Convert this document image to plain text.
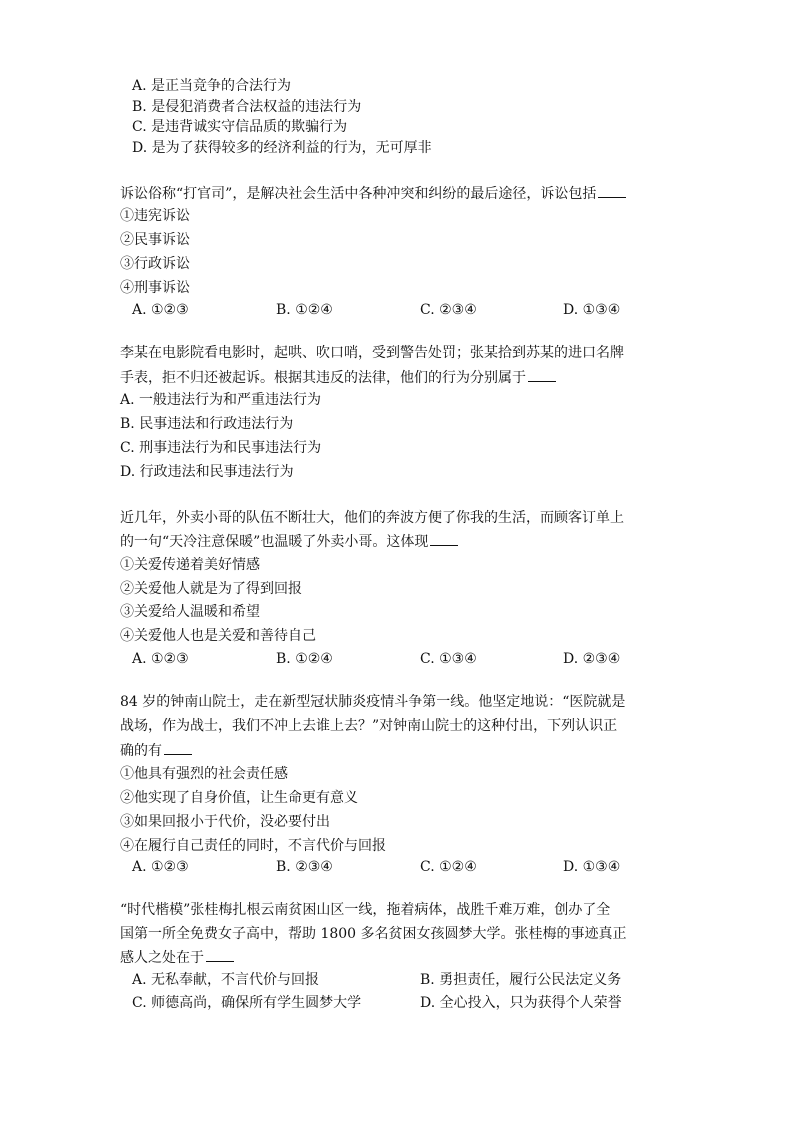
A. 是正当竞争的合法行为
B. 是侵犯消费者合法权益的违法行为
C. 是违背诚实守信品质的欺骗行为
D. 是为了获得较多的经济利益的行为，无可厚非
诉讼俗称“打官司”，是解决社会生活中各种冲突和纠纷的最后途径，诉讼包括
①违宪诉讼
②民事诉讼
③行政诉讼
④刑事诉讼
A. ①②③	B. ①②④	C. ②③④	D. ①③④
李某在电影院看电影时，起哄、吹口哨，受到警告处罚；张某拾到苏某的进口名牌
手表，拒不归还被起诉。根据其违反的法律，他们的行为分别属于
A. 一般违法行为和严重违法行为
B. 民事违法和行政违法行为
C. 刑事违法行为和民事违法行为
D. 行政违法和民事违法行为
近几年，外卖小哥的队伍不断壮大，他们的奔波方便了你我的生活，而顾客订单上
的一句“天冷注意保暖”也温暖了外卖小哥。这体现
①关爱传递着美好情感
②关爱他人就是为了得到回报
③关爱给人温暖和希望
④关爱他人也是关爱和善待自己
A. ①②③	B. ①②④	C. ①③④	D. ②③④
84 岁的钟南山院士，走在新型冠状肺炎疫情斗争第一线。他坚定地说：“医院就是
战场，作为战士，我们不冲上去谁上去？”对钟南山院士的这种付出，下列认识正
确的有
①他具有强烈的社会责任感
②他实现了自身价值，让生命更有意义
③如果回报小于代价，没必要付出
④在履行自己责任的同时，不言代价与回报
A. ①②③	B. ②③④	C. ①②④	D. ①③④
“时代楷模”张桂梅扎根云南贫困山区一线，拖着病体，战胜千难万难，创办了全
国第一所全免费女子高中，帮助 1800 多名贫困女孩圆梦大学。张桂梅的事迹真正
感人之处在于
A. 无私奉献，不言代价与回报	B. 勇担责任，履行公民法定义务
C. 师德高尚，确保所有学生圆梦大学	D. 全心投入，只为获得个人荣誉
